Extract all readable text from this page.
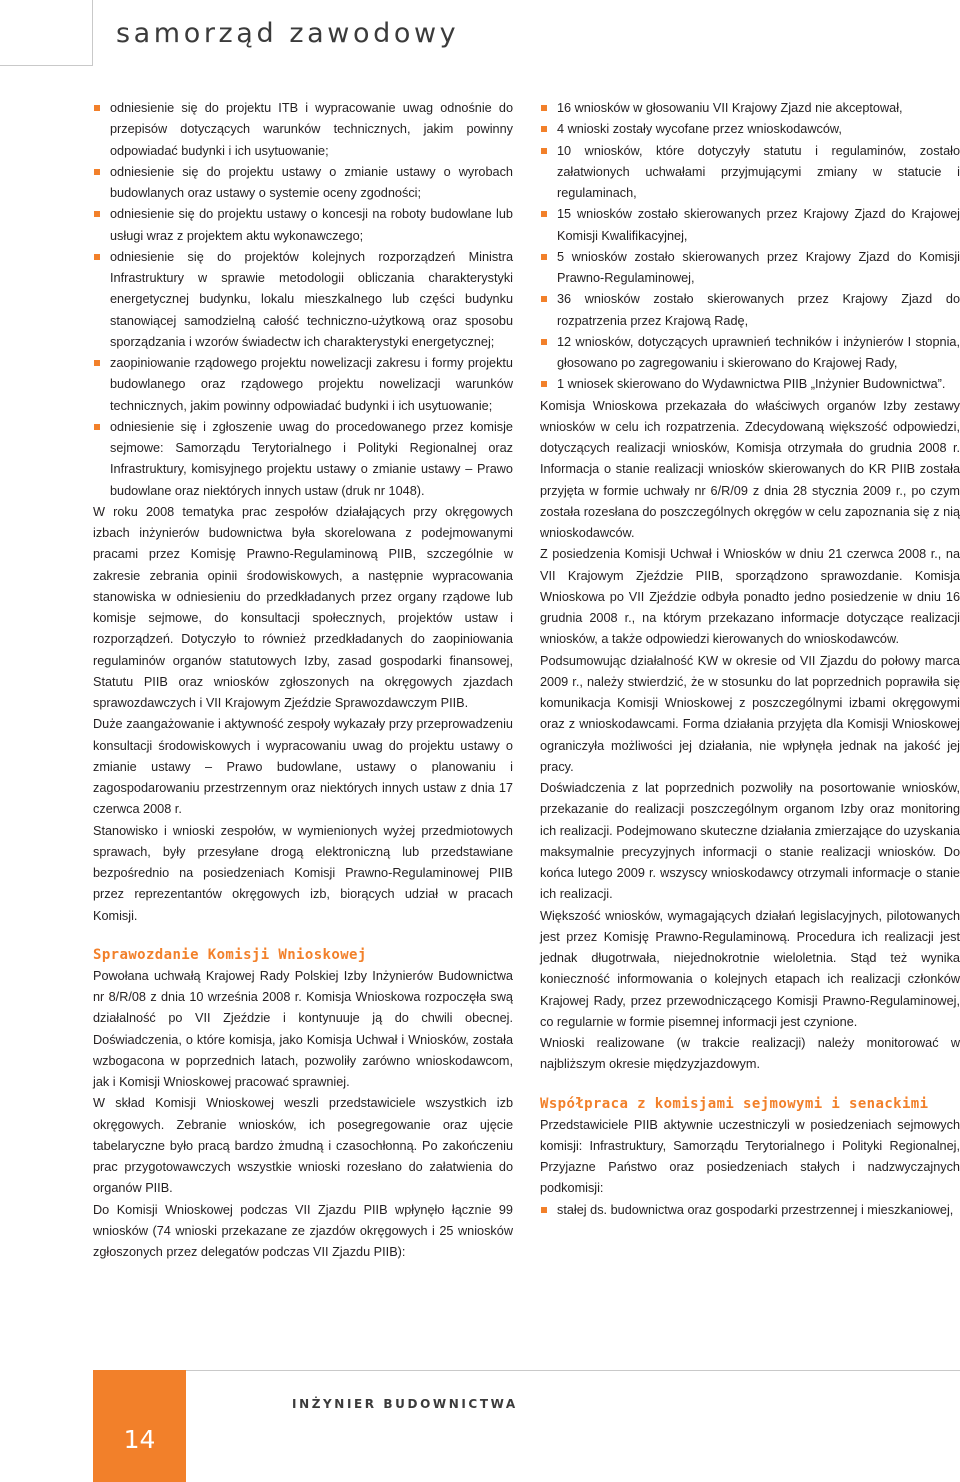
samorząd zawodowy
odniesienie się do projektu ITB i wypracowanie uwag odnośnie do przepisów dotyczących warunków technicznych, jakim powinny odpowiadać budynki i ich usytuowanie;
odniesienie się do projektu ustawy o zmianie ustawy o wyrobach budowlanych oraz ustawy o systemie oceny zgodności;
odniesienie się do projektu ustawy o koncesji na roboty budowlane lub usługi wraz z projektem aktu wykonawczego;
odniesienie się do projektów kolejnych rozporządzeń Ministra Infrastruktury w sprawie metodologii obliczania charakterystyki energetycznej budynku, lokalu mieszkalnego lub części budynku stanowiącej samodzielną całość techniczno-użytkową oraz sposobu sporządzania i wzorów świadectw ich charakterystyki energetycznej;
zaopiniowanie rządowego projektu nowelizacji zakresu i formy projektu budowlanego oraz rządowego projektu nowelizacji warunków technicznych, jakim powinny odpowiadać budynki i ich usytuowanie;
odniesienie się i zgłoszenie uwag do procedowanego przez komisje sejmowe: Samorządu Terytorialnego i Polityki Regionalnej oraz Infrastruktury, komisyjnego projektu ustawy o zmianie ustawy – Prawo budowlane oraz niektórych innych ustaw (druk nr 1048).

W roku 2008 tematyka prac zespołów działających przy okręgowych izbach inżynierów budownictwa była skorelowana z podejmowanymi pracami przez Komisję Prawno-Regulaminową PIIB, szczególnie w zakresie zebrania opinii środowiskowych, a następnie wypracowania stanowiska w odniesieniu do przedkładanych przez organy rządowe lub komisje sejmowe, do konsultacji społecznych, projektów ustaw i rozporządzeń. Dotyczyło to również przedkładanych do zaopiniowania regulaminów organów statutowych Izby, zasad gospodarki finansowej, Statutu PIIB oraz wniosków zgłoszonych na okręgowych zjazdach sprawozdawczych i VII Krajowym Zjeździe Sprawozdawczym PIIB.

Duże zaangażowanie i aktywność zespoły wykazały przy przeprowadzeniu konsultacji środowiskowych i wypracowaniu uwag do projektu ustawy o zmianie ustawy – Prawo budowlane, ustawy o planowaniu i zagospodarowaniu przestrzennym oraz niektórych innych ustaw z dnia 17 czerwca 2008 r.

Stanowisko i wnioski zespołów, w wymienionych wyżej przedmiotowych sprawach, były przesyłane drogą elektroniczną lub przedstawiane bezpośrednio na posiedzeniach Komisji Prawno-Regulaminowej PIIB przez reprezentantów okręgowych izb, biorących udział w pracach Komisji.

Sprawozdanie Komisji Wnioskowej

Powołana uchwałą Krajowej Rady Polskiej Izby Inżynierów Budownictwa nr 8/R/08 z dnia 10 września 2008 r. Komisja Wnioskowa rozpoczęła swą działalność po VII Zjeździe i kontynuuje ją do chwili obecnej. Doświadczenia, o które komisja, jako Komisja Uchwał i Wniosków, została wzbogacona w poprzednich latach, pozwoliły zarówno wnioskodawcom, jak i Komisji Wnioskowej pracować sprawniej.

W skład Komisji Wnioskowej weszli przedstawiciele wszystkich izb okręgowych. Zebranie wniosków, ich posegregowanie oraz ujęcie tabelaryczne było pracą bardzo żmudną i czasochłonną. Po zakończeniu prac przygotowawczych wszystkie wnioski rozesłano do załatwienia do organów PIIB.

Do Komisji Wnioskowej podczas VII Zjazdu PIIB wpłynęło łącznie 99 wniosków (74 wnioski przekazane ze zjazdów okręgowych i 25 wniosków zgłoszonych przez delegatów podczas VII Zjazdu PIIB):

16 wniosków w głosowaniu VII Krajowy Zjazd nie akceptował,
4 wnioski zostały wycofane przez wnioskodawców,
10 wniosków, które dotyczyły statutu i regulaminów, zostało załatwionych uchwałami przyjmującymi zmiany w statucie i regulaminach,
15 wniosków zostało skierowanych przez Krajowy Zjazd do Krajowej Komisji Kwalifikacyjnej,
5 wniosków zostało skierowanych przez Krajowy Zjazd do Komisji Prawno-Regulaminowej,
36 wniosków zostało skierowanych przez Krajowy Zjazd do rozpatrzenia przez Krajową Radę,
12 wniosków, dotyczących uprawnień techników i inżynierów I stopnia, głosowano po zagregowaniu i skierowano do Krajowej Rady,
1 wniosek skierowano do Wydawnictwa PIIB „Inżynier Budownictwa”.

Komisja Wnioskowa przekazała do właściwych organów Izby zestawy wniosków w celu ich rozpatrzenia. Zdecydowaną większość odpowiedzi, dotyczących realizacji wniosków, Komisja otrzymała do grudnia 2008 r. Informacja o stanie realizacji wniosków skierowanych do KR PIIB została przyjęta w formie uchwały nr 6/R/09 z dnia 28 stycznia 2009 r., po czym została rozesłana do poszczególnych okręgów w celu zapoznania się z nią wnioskodawców.

Z posiedzenia Komisji Uchwał i Wniosków w dniu 21 czerwca 2008 r., na VII Krajowym Zjeździe PIIB, sporządzono sprawozdanie. Komisja Wnioskowa po VII Zjeździe odbyła ponadto jedno posiedzenie w dniu 16 grudnia 2008 r., na którym przekazano informacje dotyczące realizacji wniosków, a także odpowiedzi kierowanych do wnioskodawców.

Podsumowując działalność KW w okresie od VII Zjazdu do połowy marca 2009 r., należy stwierdzić, że w stosunku do lat poprzednich poprawiła się komunikacja Komisji Wnioskowej z poszczególnymi izbami okręgowymi oraz z wnioskodawcami. Forma działania przyjęta dla Komisji Wnioskowej ograniczyła możliwości jej działania, nie wpłynęła jednak na jakość jej pracy.

Doświadczenia z lat poprzednich pozwoliły na posortowanie wniosków, przekazanie do realizacji poszczególnym organom Izby oraz monitoring ich realizacji. Podejmowano skuteczne działania zmierzające do uzyskania maksymalnie precyzyjnych informacji o stanie realizacji wniosków. Do końca lutego 2009 r. wszyscy wnioskodawcy otrzymali informacje o stanie ich realizacji.

Większość wniosków, wymagających działań legislacyjnych, pilotowanych jest przez Komisję Prawno-Regulaminową. Procedura ich realizacji jest jednak długotrwała, niejednokrotnie wieloletnia. Stąd też wynika konieczność informowania o kolejnych etapach ich realizacji członków Krajowej Rady, przez przewodniczącego Komisji Prawno-Regulaminowej, co regularnie w formie pisemnej informacji jest czynione.

Wnioski realizowane (w trakcie realizacji) należy monitorować w najbliższym okresie międzyzjazdowym.

Współpraca z komisjami sejmowymi i senackimi

Przedstawiciele PIIB aktywnie uczestniczyli w posiedzeniach sejmowych komisji: Infrastruktury, Samorządu Terytorialnego i Polityki Regionalnej, Przyjazne Państwo oraz posiedzeniach stałych i nadzwyczajnych podkomisji:

stałej ds. budownictwa oraz gospodarki przestrzennej i mieszkaniowej,
14
INŻYNIER BUDOWNICTWA
